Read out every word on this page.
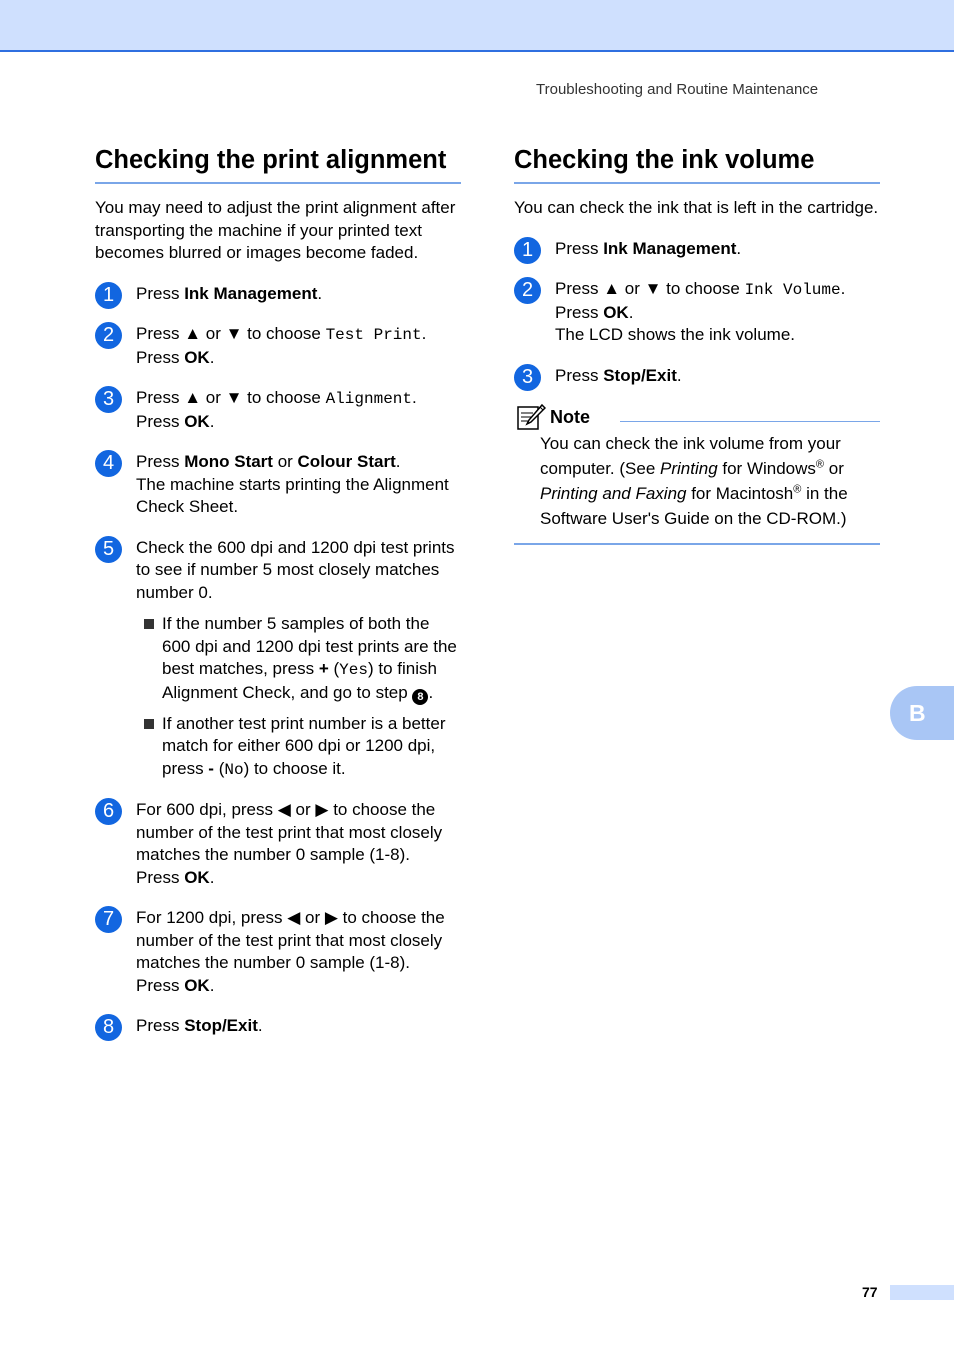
Troubleshooting and Routine Maintenance
Checking the print alignment

You may need to adjust the print alignment after transporting the machine if your printed text becomes blurred or images become faded.

1	Press Ink Management.
2	Press ▲ or ▼ to choose Test Print.
Press OK.
3	Press ▲ or ▼ to choose Alignment.
Press OK.
4	Press Mono Start or Colour Start.
The machine starts printing the Alignment Check Sheet.
5	Check the 600 dpi and 1200 dpi test prints to see if number 5 most closely matches number 0.
If the number 5 samples of both the 600 dpi and 1200 dpi test prints are the best matches, press + (Yes) to finish Alignment Check, and go to step 8 .
If another test print number is a better match for either 600 dpi or 1200 dpi, press - (No) to choose it.
6	For 600 dpi, press ◀ or ▶ to choose the number of the test print that most closely matches the number 0 sample (1-8).
Press OK.
7	For 1200 dpi, press ◀ or ▶ to choose the number of the test print that most closely matches the number 0 sample (1-8).
Press OK.
8	Press Stop/Exit.
Checking the ink volume

You can check the ink that is left in the cartridge.

1	Press Ink Management.
2	Press ▲ or ▼ to choose Ink Volume.
Press OK.
The LCD shows the ink volume.
3	Press Stop/Exit.
Note
You can check the ink volume from your computer. (See Printing for Windows® or Printing and Faxing for Macintosh® in the Software User's Guide on the CD-ROM.)
B
77
